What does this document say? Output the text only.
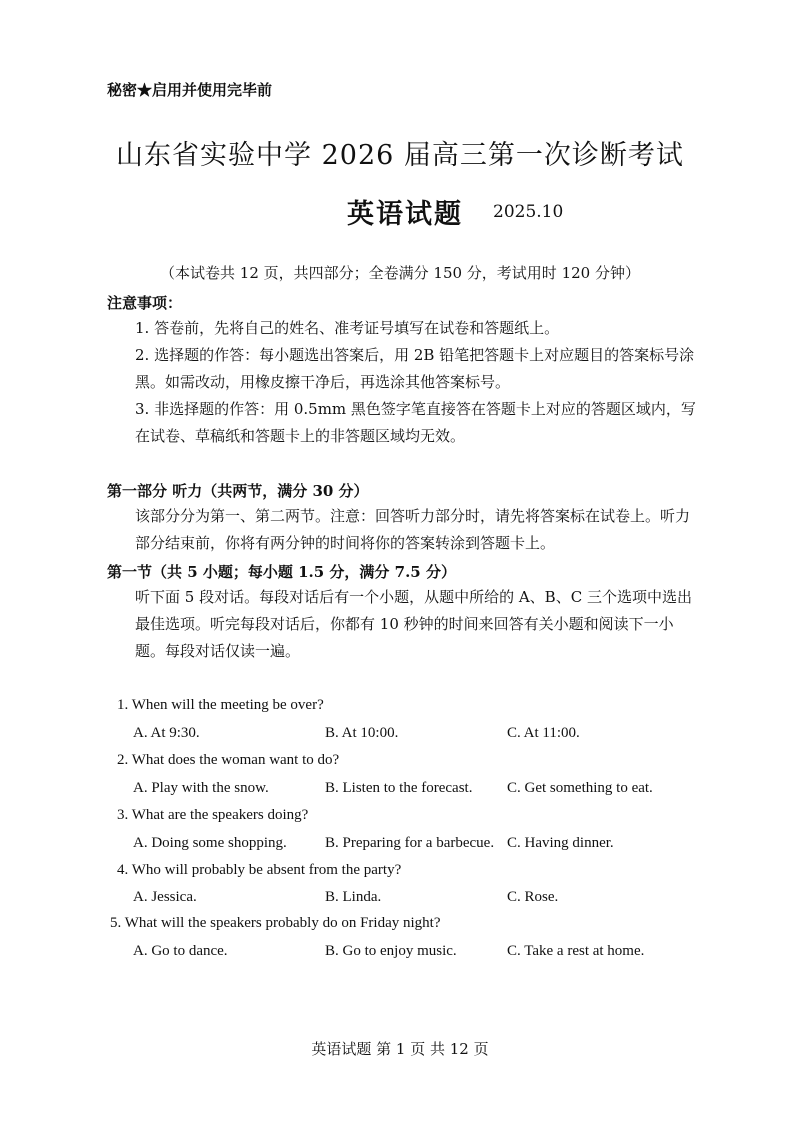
秘密★启用并使用完毕前
山东省实验中学 2026 届高三第一次诊断考试
英语试题 2025.10
（本试卷共 12 页，共四部分；全卷满分 150 分，考试用时 120 分钟）
注意事项：
1. 答卷前，先将自己的姓名、准考证号填写在试卷和答题纸上。
2. 选择题的作答：每小题选出答案后，用 2B 铅笔把答题卡上对应题目的答案标号涂黑。如需改动，用橡皮擦干净后，再选涂其他答案标号。
3. 非选择题的作答：用 0.5mm 黑色签字笔直接答在答题卡上对应的答题区域内，写在试卷、草稿纸和答题卡上的非答题区域均无效。
第一部分 听力（共两节，满分 30 分）
该部分分为第一、第二两节。注意：回答听力部分时，请先将答案标在试卷上。听力部分结束前，你将有两分钟的时间将你的答案转涂到答题卡上。
第一节（共 5 小题；每小题 1.5 分，满分 7.5 分）
听下面 5 段对话。每段对话后有一个小题，从题中所给的 A、B、C 三个选项中选出最佳选项。听完每段对话后，你都有 10 秒钟的时间来回答有关小题和阅读下一小题。每段对话仅读一遍。
1. When will the meeting be over?
A. At 9:30.	B. At 10:00.	C. At 11:00.
2. What does the woman want to do?
A. Play with the snow.	B. Listen to the forecast. C. Get something to eat.
3. What are the speakers doing?
A. Doing some shopping.	B. Preparing for a barbecue. C. Having dinner.
4. Who will probably be absent from the party?
A. Jessica.	B. Linda.	C. Rose.
5. What will the speakers probably do on Friday night?
A. Go to dance.	B. Go to enjoy music.	C. Take a rest at home.
英语试题 第 1 页 共 12 页
